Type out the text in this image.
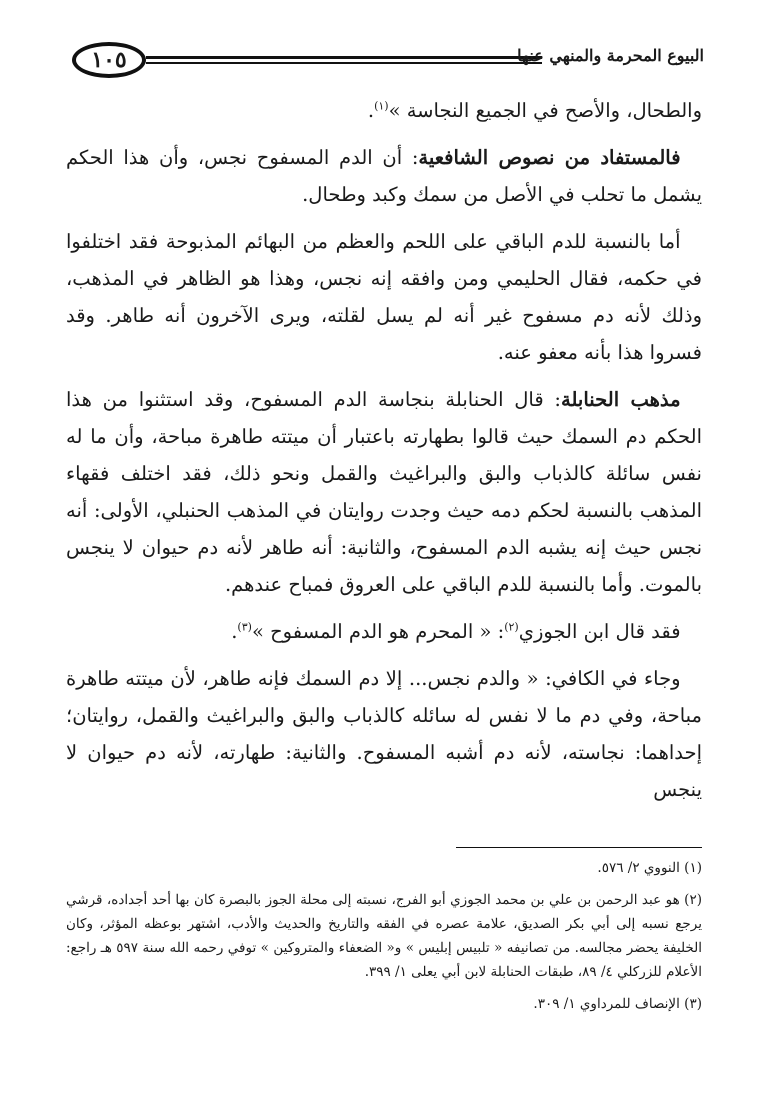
١٠٥	البيوع المحرمة والمنهي عنها

والطحال، والأصح في الجميع النجاسة »$^{(١)}$.

فالمستفاد من نصوص الشافعية: أن الدم المسفوح نجس، وأن هذا الحكم يشمل ما تحلب في الأصل من سمك وكبد وطحال.

أما بالنسبة للدم الباقي على اللحم والعظم من البهائم المذبوحة فقد اختلفوا في حكمه، فقال الحليمي ومن وافقه إنه نجس، وهذا هو الظاهر في المذهب، وذلك لأنه دم مسفوح غير أنه لم يسل لقلته، ويرى الآخرون أنه طاهر. وقد فسروا هذا بأنه معفو عنه.

مذهب الحنابلة: قال الحنابلة بنجاسة الدم المسفوح، وقد استثنوا من هذا الحكم دم السمك حيث قالوا بطهارته باعتبار أن ميتته طاهرة مباحة، وأن ما له نفس سائلة كالذباب والبق والبراغيث والقمل ونحو ذلك، فقد اختلف فقهاء المذهب بالنسبة لحكم دمه حيث وجدت روايتان في المذهب الحنبلي، الأولى: أنه نجس حيث إنه يشبه الدم المسفوح، والثانية: أنه طاهر لأنه دم حيوان لا ينجس بالموت. وأما بالنسبة للدم الباقي على العروق فمباح عندهم.

فقد قال ابن الجوزي$^{(٢)}$: « المحرم هو الدم المسفوح »$^{(٣)}$.

وجاء في الكافي: « والدم نجس... إلا دم السمك فإنه طاهر، لأن ميتته طاهرة مباحة، وفي دم ما لا نفس له سائله كالذباب والبق والبراغيث والقمل، روايتان؛ إحداهما: نجاسته، لأنه دم أشبه المسفوح. والثانية: طهارته، لأنه دم حيوان لا ينجس

(١) النووي ٢/ ٥٧٦.

(٢) هو عبد الرحمن بن علي بن محمد الجوزي أبو الفرج، نسبته إلى محلة الجوز بالبصرة كان بها أحد أجداده، قرشي يرجع نسبه إلى أبي بكر الصديق، علامة عصره في الفقه والتاريخ والحديث والأدب، اشتهر بوعظه المؤثر، وكان الخليفة يحضر مجالسه. من تصانيفه « تلبيس إبليس » و« الضعفاء والمتروكين » توفي رحمه الله سنة ٥٩٧ هـ راجع: الأعلام للزركلي ٤/ ٨٩، طبقات الحنابلة لابن أبي يعلى ١/ ٣٩٩.

(٣) الإنصاف للمرداوي ١/ ٣٠٩.
